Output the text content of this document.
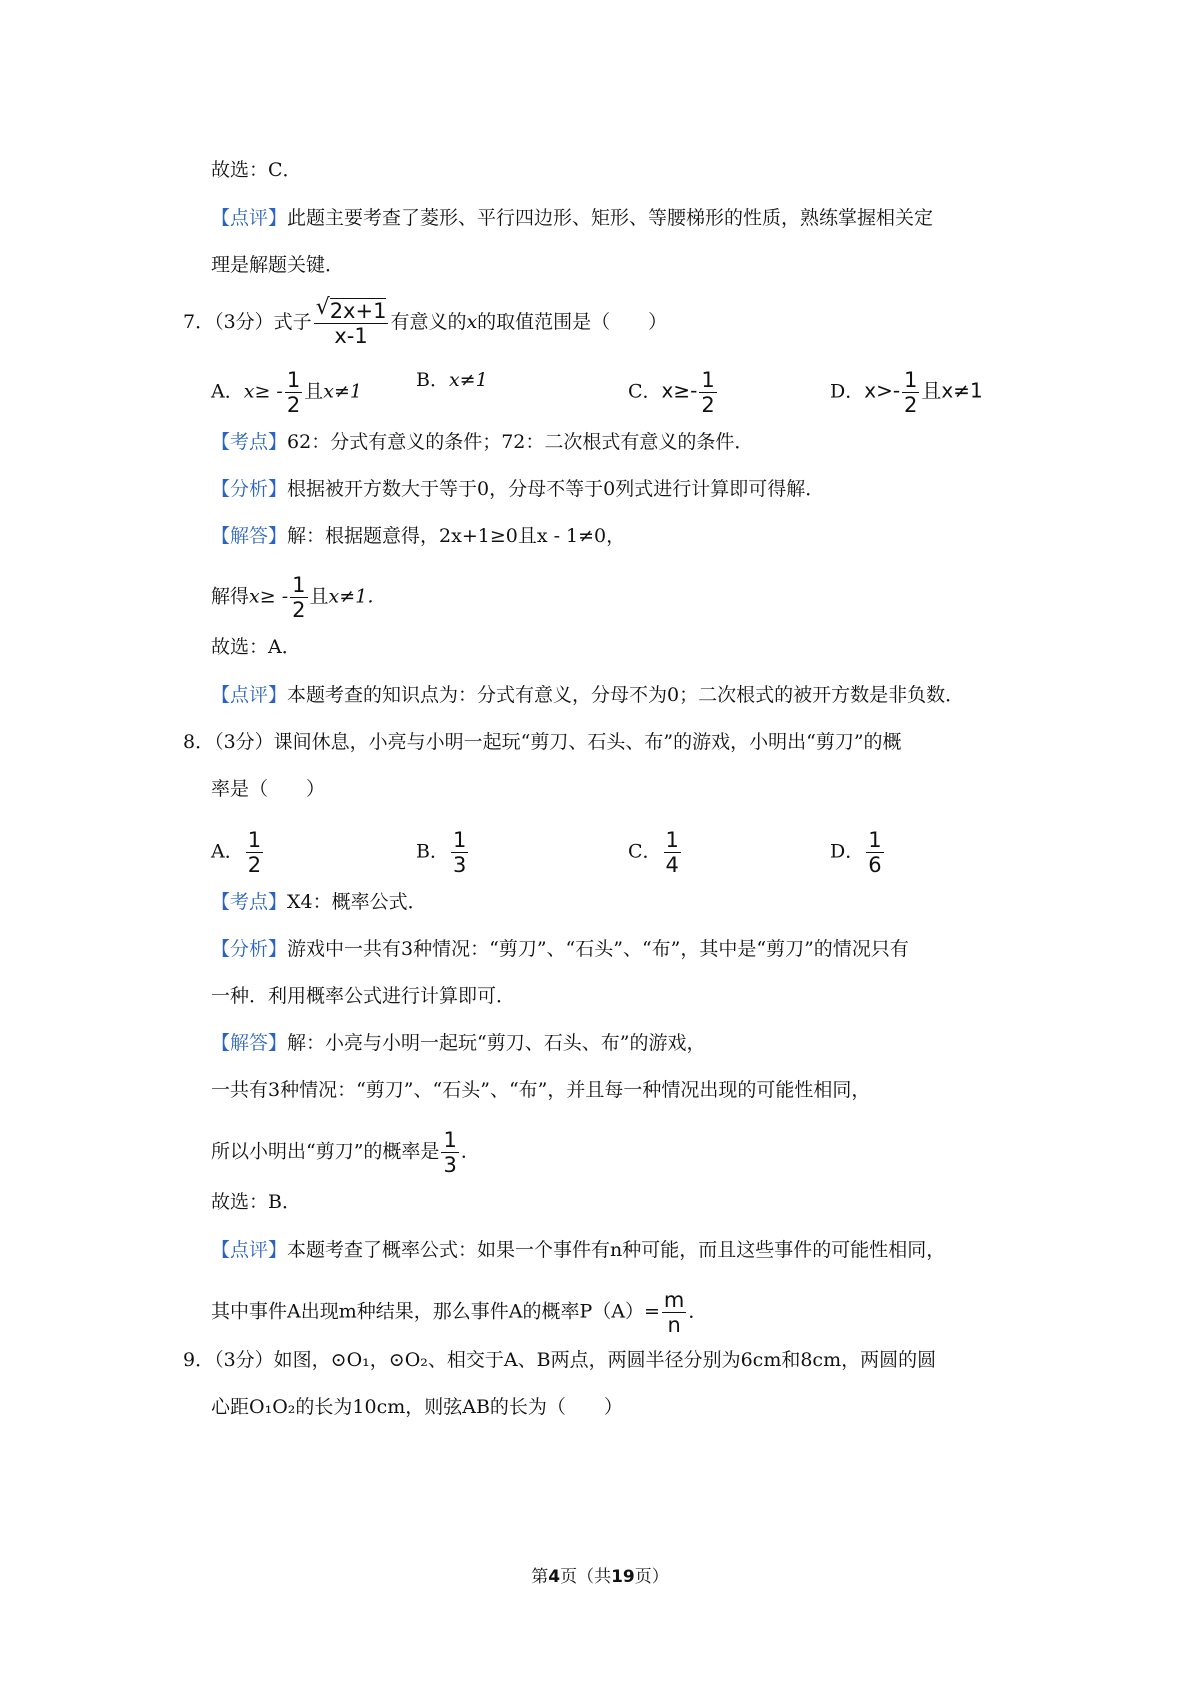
故选：C．
【点评】此题主要考查了菱形、平行四边形、矩形、等腰梯形的性质，熟练掌握相关定
理是解题关键．
7．（3分）式子 $\frac{√ 2x+1}{x-1}$ 有意义的x的取值范围是（　　）
A．$x\ge - \frac{1}{2}$ 且x≠1
B．x≠1
C．$x\ge- \frac{1}{2}$	D．$x>- \frac{1}{2}$ 且x≠1
【考点】62：分式有意义的条件；72：二次根式有意义的条件．
【分析】根据被开方数大于等于0，分母不等于0列式进行计算即可得解．
【解答】解：根据题意得，2x+1≥0且x - 1≠0，
解得$x\ge - \frac{1}{2}$ 且x≠1．
故选：A．
【点评】本题考查的知识点为：分式有意义，分母不为0；二次根式的被开方数是非负数．
8．（3分）课间休息，小亮与小明一起玩“剪刀、石头、布”的游戏，小明出“剪刀”的概
率是（　　）
A． $\frac{1}{2}$	B． $\frac{1}{3}$	C． $\frac{1}{4}$	D． $\frac{1}{6}$
【考点】X4：概率公式．
【分析】游戏中一共有3种情况：“剪刀”、“石头”、“布”，其中是“剪刀”的情况只有
一种．利用概率公式进行计算即可．
【解答】解：小亮与小明一起玩“剪刀、石头、布”的游戏，
一共有3种情况：“剪刀”、“石头”、“布”，并且每一种情况出现的可能性相同，
所以小明出“剪刀”的概率是 $\frac{1}{3}$ ．
故选：B．
【点评】本题考查了概率公式：如果一个事件有n种可能，而且这些事件的可能性相同，
其中事件A出现m种结果，那么事件A的概率$P(A)= \frac{m}{n}$ ．
9．（3分）如图，⊙O₁，⊙O₂、相交于A、B两点，两圆半径分别为6cm和8cm，两圆的圆
心距O₁O₂的长为10cm，则弦AB的长为（　　）
第4页（共19页）
